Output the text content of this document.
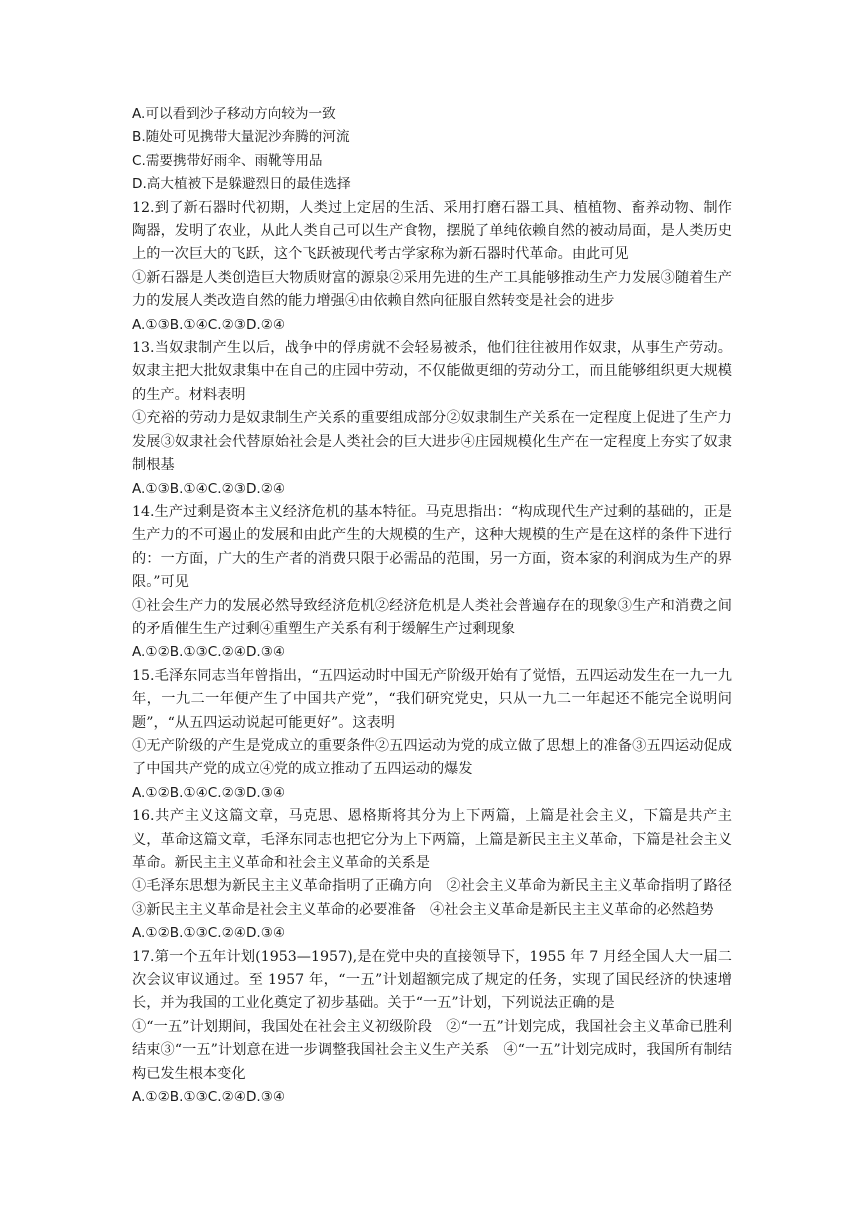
A.可以看到沙子移动方向较为一致

B.随处可见携带大量泥沙奔腾的河流

C.需要携带好雨伞、雨靴等用品

D.高大植被下是躲避烈日的最佳选择

12.到了新石器时代初期，人类过上定居的生活、采用打磨石器工具、植植物、畜养动物、制作陶器，发明了农业，从此人类自己可以生产食物，摆脱了单纯依赖自然的被动局面，是人类历史上的一次巨大的飞跃，这个飞跃被现代考古学家称为新石器时代革命。由此可见

①新石器是人类创造巨大物质财富的源泉②采用先进的生产工具能够推动生产力发展③随着生产力的发展人类改造自然的能力增强④由依赖自然向征服自然转变是社会的进步

A.①③B.①④C.②③D.②④

13.当奴隶制产生以后，战争中的俘虏就不会轻易被杀，他们往往被用作奴隶，从事生产劳动。奴隶主把大批奴隶集中在自己的庄园中劳动，不仅能做更细的劳动分工，而且能够组织更大规模的生产。材料表明

①充裕的劳动力是奴隶制生产关系的重要组成部分②奴隶制生产关系在一定程度上促进了生产力发展③奴隶社会代替原始社会是人类社会的巨大进步④庄园规模化生产在一定程度上夯实了奴隶制根基

A.①③B.①④C.②③D.②④

14.生产过剩是资本主义经济危机的基本特征。马克思指出：“构成现代生产过剩的基础的，正是生产力的不可遏止的发展和由此产生的大规模的生产，这种大规模的生产是在这样的条件下进行的：一方面，广大的生产者的消费只限于必需品的范围，另一方面，资本家的利润成为生产的界限。”可见

①社会生产力的发展必然导致经济危机②经济危机是人类社会普遍存在的现象③生产和消费之间的矛盾催生生产过剩④重塑生产关系有利于缓解生产过剩现象

A.①②B.①③C.②④D.③④

15.毛泽东同志当年曾指出，“五四运动时中国无产阶级开始有了觉悟，五四运动发生在一九一九年，一九二一年便产生了中国共产党”，“我们研究党史，只从一九二一年起还不能完全说明问题”，“从五四运动说起可能更好”。这表明

①无产阶级的产生是党成立的重要条件②五四运动为党的成立做了思想上的准备③五四运动促成了中国共产党的成立④党的成立推动了五四运动的爆发

A.①②B.①④C.②③D.③④

16.共产主义这篇文章，马克思、恩格斯将其分为上下两篇，上篇是社会主义，下篇是共产主义，革命这篇文章，毛泽东同志也把它分为上下两篇，上篇是新民主主义革命，下篇是社会主义革命。新民主主义革命和社会主义革命的关系是

①毛泽东思想为新民主主义革命指明了正确方向　②社会主义革命为新民主主义革命指明了路径　③新民主主义革命是社会主义革命的必要准备　④社会主义革命是新民主主义革命的必然趋势

A.①②B.①③C.②④D.③④

17.第一个五年计划(1953—1957),是在党中央的直接领导下，1955 年 7 月经全国人大一届二次会议审议通过。至 1957 年，“一五”计划超额完成了规定的任务，实现了国民经济的快速增长，并为我国的工业化奠定了初步基础。关于“一五”计划，下列说法正确的是

①“一五”计划期间，我国处在社会主义初级阶段　②“一五”计划完成，我国社会主义革命已胜利结束③“一五”计划意在进一步调整我国社会主义生产关系　④“一五”计划完成时，我国所有制结构已发生根本变化

A.①②B.①③C.②④D.③④
